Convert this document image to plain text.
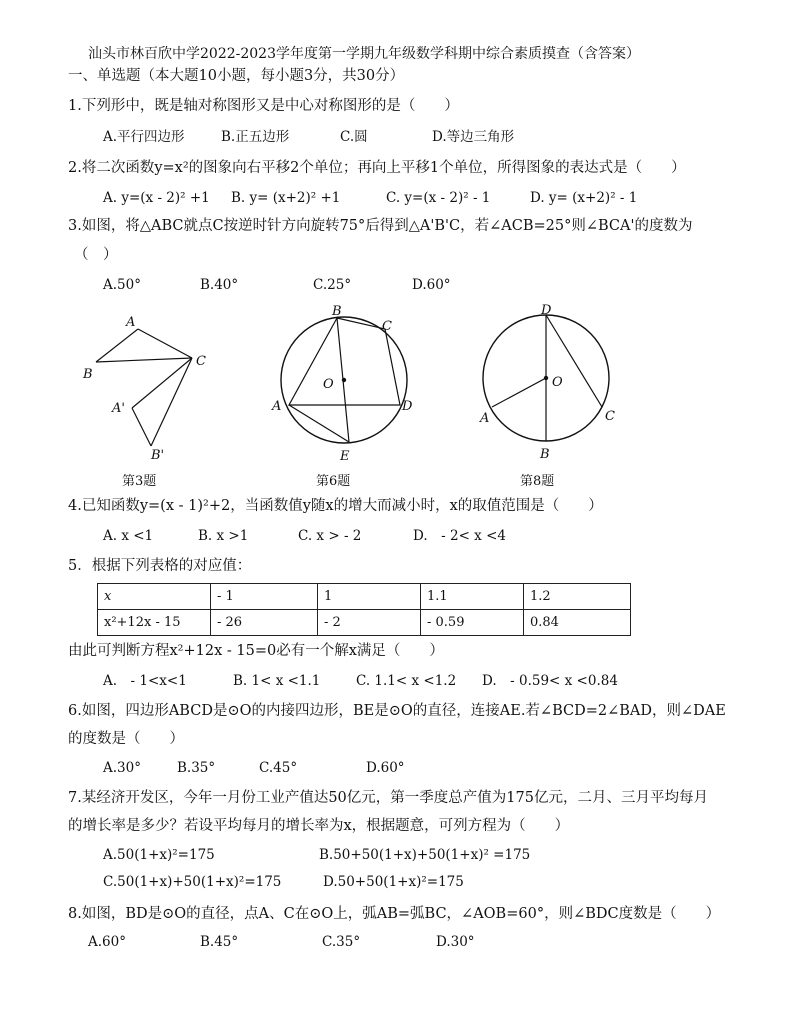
汕头市林百欣中学2022-2023学年度第一学期九年级数学科期中综合素质摸查（含答案）
一、单选题（本大题10小题，每小题3分，共30分）
1.下列形中，既是轴对称图形又是中心对称图形的是（　　）
A.平行四边形	B.正五边形	C.圆	D.等边三角形
2.将二次函数y=x²的图象向右平移2个单位；再向上平移1个单位，所得图象的表达式是（　　）
A. y=(x - 2)² +1 B. y= (x+2)² +1	C. y=(x - 2)² - 1	D. y= (x+2)² - 1
3.如图，将△ABC就点C按逆时针方向旋转75°后得到△A'B'C，若∠ACB=25°则∠BCA'的度数为
（　）
A.50°	B.40°	C.25°	D.60°
A
B
C
A'
B'
第3题
B
C
O
A	D
E
第6题
D
O
A	C
B
第8题
4.已知函数y=(x - 1)²+2，当函数值y随x的增大而减小时，x的取值范围是（　　）
A. x <1	B. x >1	C. x > - 2	D.　- 2< x <4
5．根据下列表格的对应值：
x	- 1	1	1.1	1.2
x²+12x - 15	- 26	- 2	- 0.59	0.84
由此可判断方程x²+12x - 15=0必有一个解x满足（　　）
A.　- 1<x<1	B. 1< x <1.1	C. 1.1< x <1.2 D.　- 0.59< x <0.84
6.如图，四边形ABCD是⊙O的内接四边形，BE是⊙O的直径，连接AE.若∠BCD=2∠BAD，则∠DAE
的度数是（　　）
A.30°	B.35°	C.45°	D.60°
7.某经济开发区，今年一月份工业产值达50亿元，第一季度总产值为175亿元，二月、三月平均每月
的增长率是多少？若设平均每月的增长率为x，根据题意，可列方程为（　　）
A.50(1+x)²=175	B.50+50(1+x)+50(1+x)² =175
C.50(1+x)+50(1+x)²=175	D.50+50(1+x)²=175
8.如图，BD是⊙O的直径，点A、C在⊙O上，弧AB=弧BC，∠AOB=60°，则∠BDC度数是（　　）
A.60°	B.45°	C.35°	D.30°
